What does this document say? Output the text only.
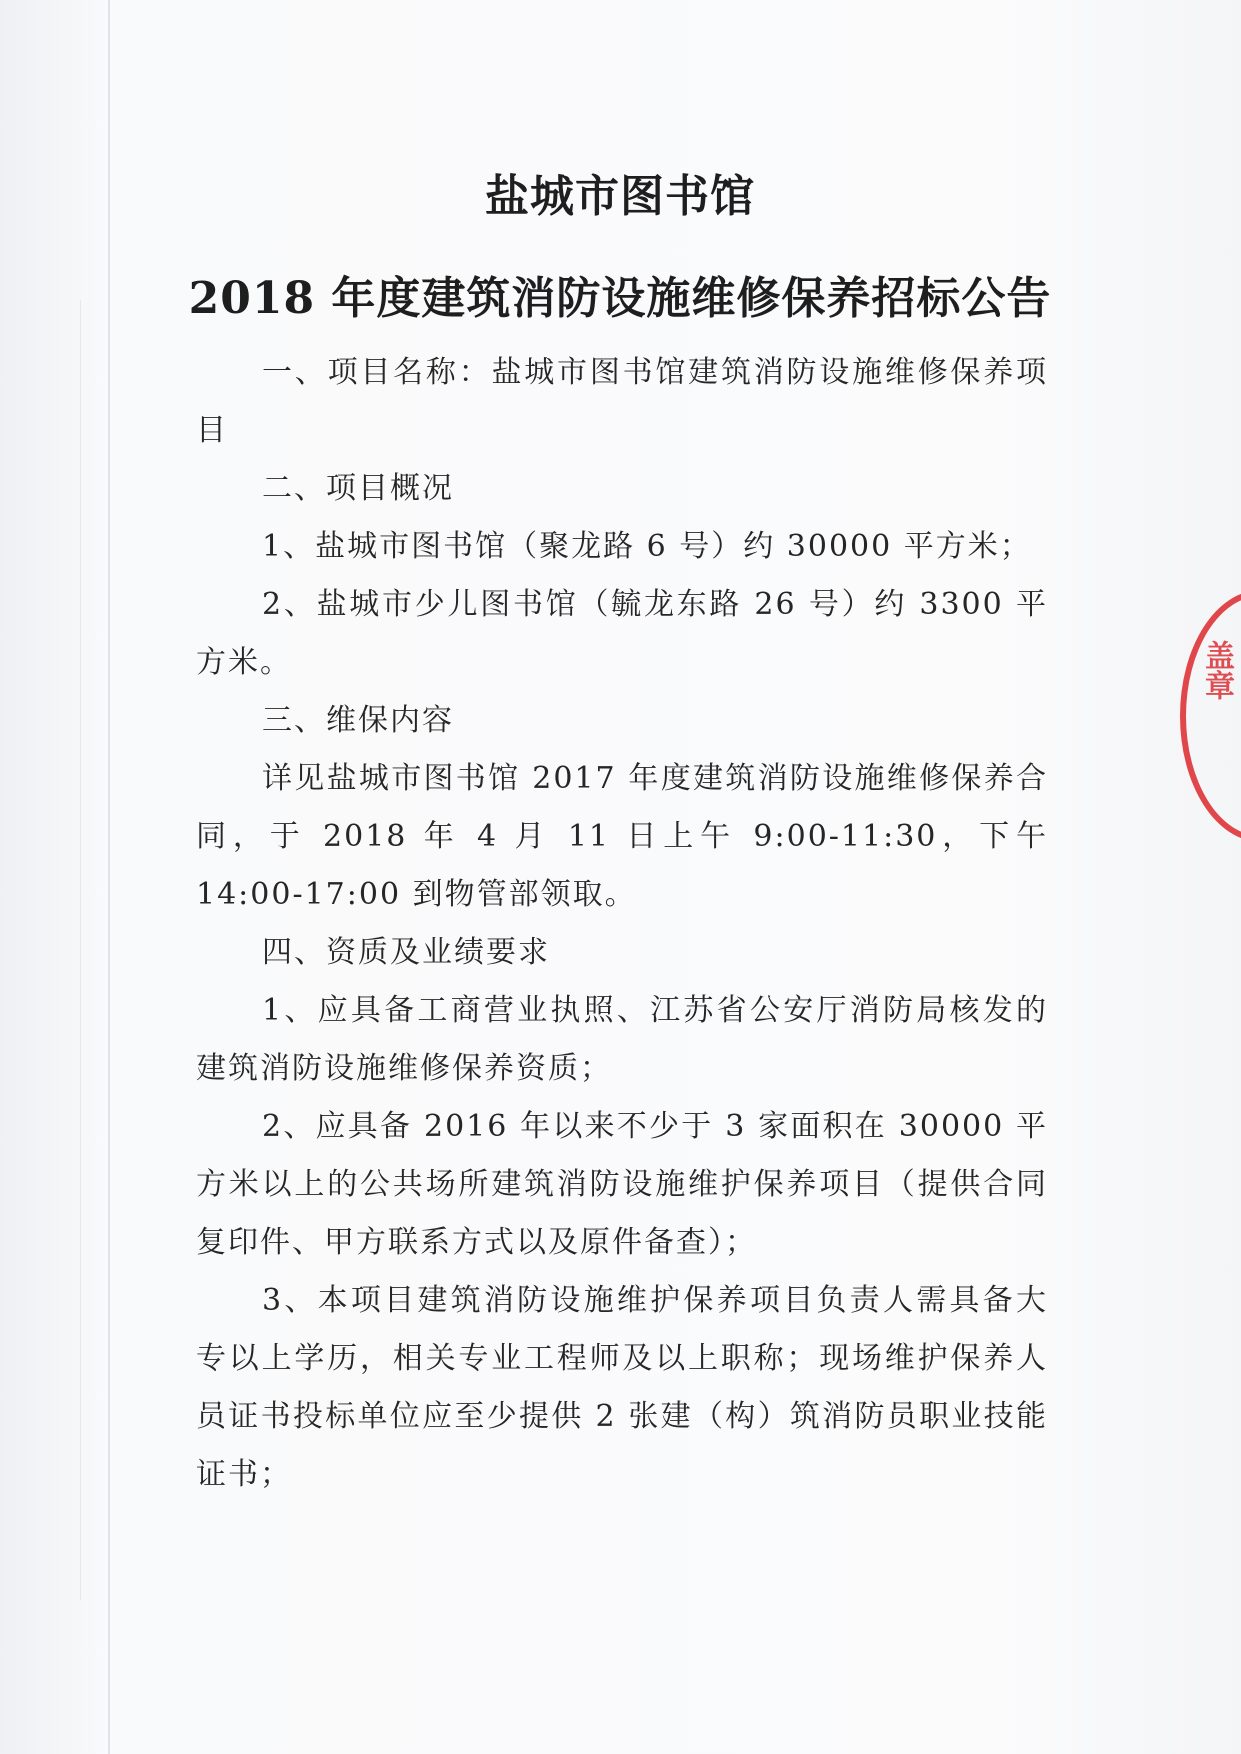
盐城市图书馆
2018 年度建筑消防设施维修保养招标公告

一、项目名称：盐城市图书馆建筑消防设施维修保养项目

二、项目概况

1、盐城市图书馆（聚龙路 6 号）约 30000 平方米；

2、盐城市少儿图书馆（毓龙东路 26 号）约 3300 平方米。

三、维保内容

详见盐城市图书馆 2017 年度建筑消防设施维修保养合同，于 2018 年 4 月 11 日上午 9:00-11:30，下午 14:00-17:00 到物管部领取。

四、资质及业绩要求

1、应具备工商营业执照、江苏省公安厅消防局核发的建筑消防设施维修保养资质；

2、应具备 2016 年以来不少于 3 家面积在 30000 平方米以上的公共场所建筑消防设施维护保养项目（提供合同复印件、甲方联系方式以及原件备查）；

3、本项目建筑消防设施维护保养项目负责人需具备大专以上学历，相关专业工程师及以上职称；现场维护保养人员证书投标单位应至少提供 2 张建（构）筑消防员职业技能证书；

盖章
